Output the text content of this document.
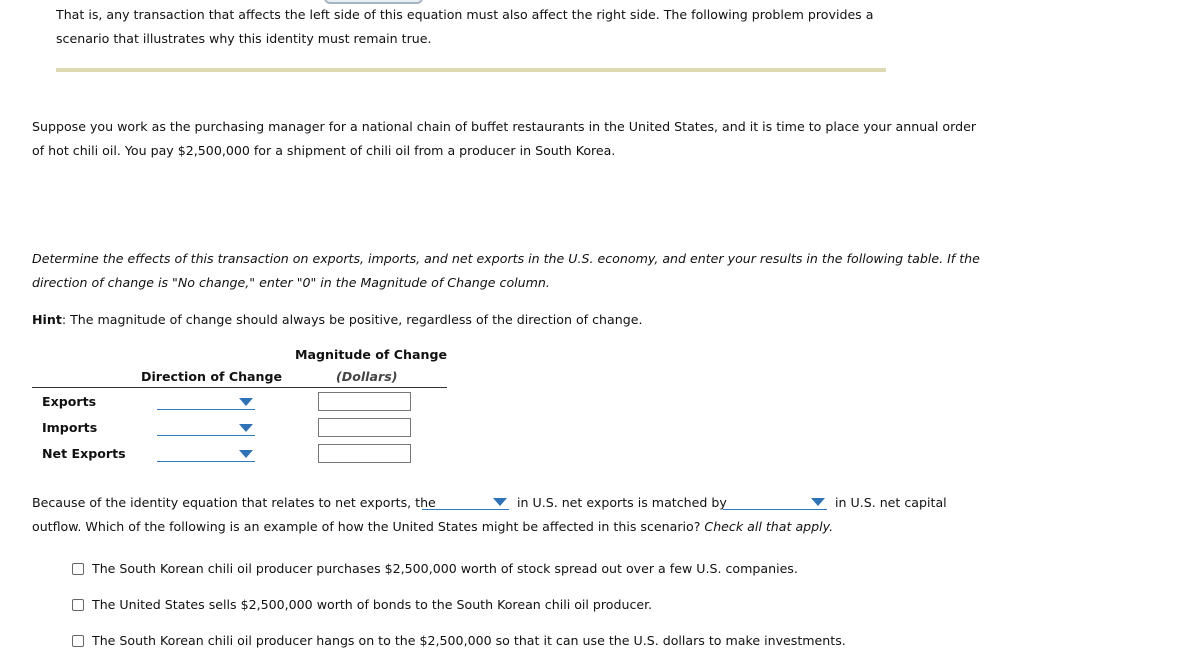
That is, any transaction that affects the left side of this equation must also affect the right side. The following problem provides a
scenario that illustrates why this identity must remain true.

Suppose you work as the purchasing manager for a national chain of buffet restaurants in the United States, and it is time to place your annual order
of hot chili oil. You pay $2,500,000 for a shipment of chili oil from a producer in South Korea.

Determine the effects of this transaction on exports, imports, and net exports in the U.S. economy, and enter your results in the following table. If the
direction of change is "No change," enter "0" in the Magnitude of Change column.

Hint: The magnitude of change should always be positive, regardless of the direction of change.

Magnitude of Change
Direction of Change	(Dollars)
Exports
Imports
Net Exports
Because of the identity equation that relates to net exports, the	in U.S. net exports is matched by	in U.S. net capital
outflow. Which of the following is an example of how the United States might be affected in this scenario? Check all that apply.
The South Korean chili oil producer purchases $2,500,000 worth of stock spread out over a few U.S. companies.
The United States sells $2,500,000 worth of bonds to the South Korean chili oil producer.
The South Korean chili oil producer hangs on to the $2,500,000 so that it can use the U.S. dollars to make investments.
